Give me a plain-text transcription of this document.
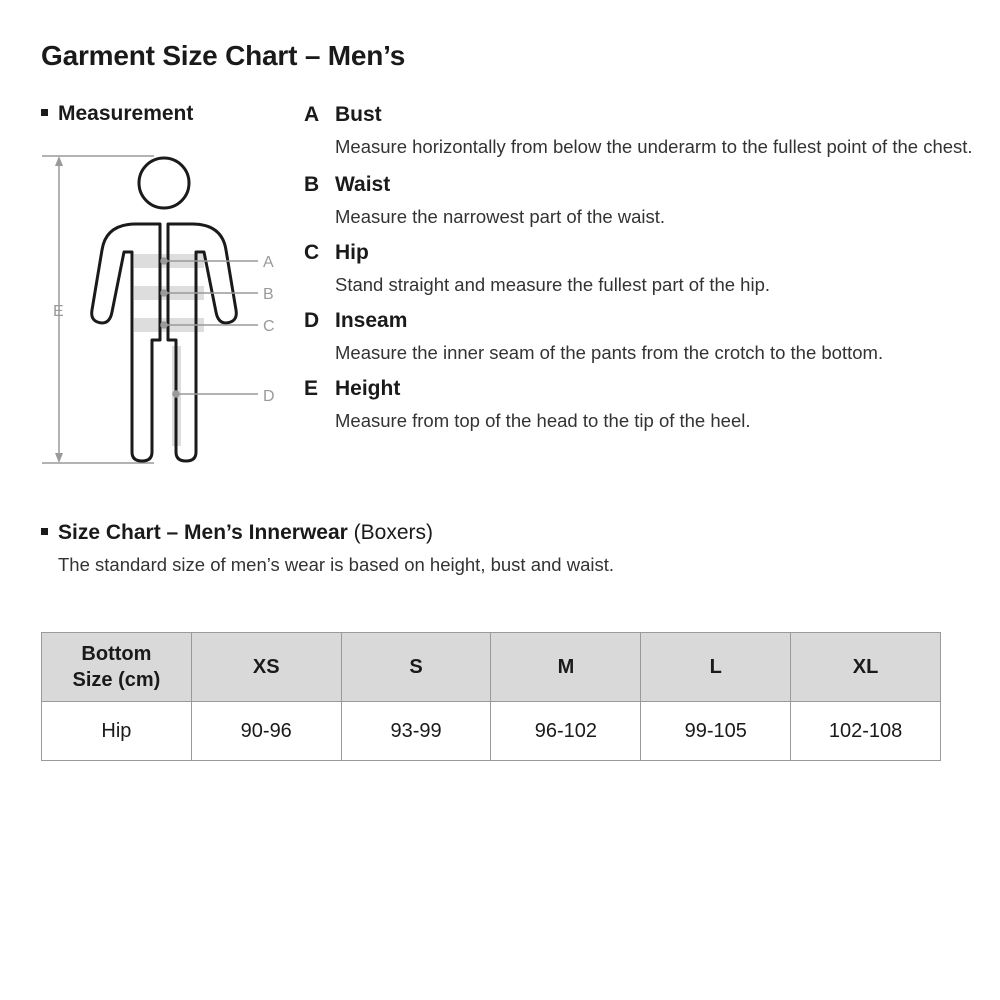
Garment Size Chart – Men’s
Measurement
A
B
C
D
E
A Bust

Measure horizontally from below the underarm to the fullest point of the chest.

B Waist

Measure the narrowest part of the waist.

C Hip

Stand straight and measure the fullest part of the hip.

D Inseam

Measure the inner seam of the pants from the crotch to the bottom.

E Height

Measure from top of the head to the tip of the heel.

Size Chart – Men’s Innerwear (Boxers)

The standard size of men’s wear is based on height, bust and waist.

Bottom
Size (cm)	XS	S	M	L	XL
Hip	90-96	93-99	96-102	99-105	102-108
